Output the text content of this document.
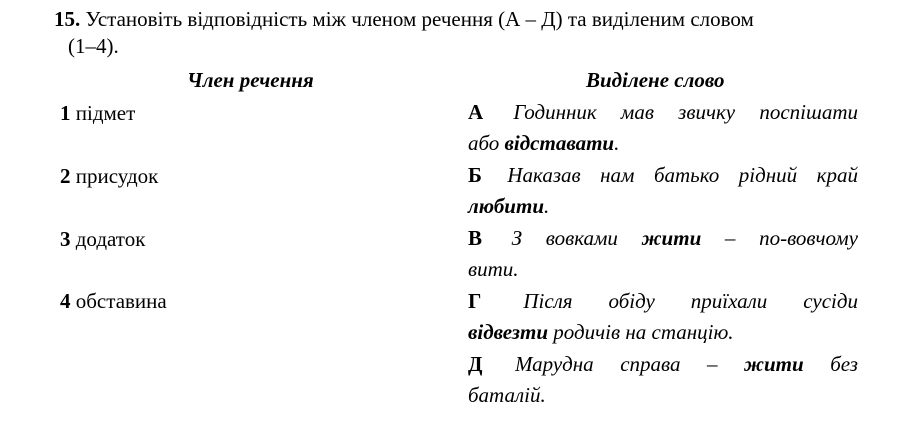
15. Установіть відповідність між членом речення (А – Д) та виділеним словом
(1–4).
Член речення	Виділене слово
1 підмет
2 присудок
3 додаток
4 обставина
А Годинник мав звичку поспішати
або відставати.
Б Наказав нам батько рідний край
любити.
В З вовками жити – по-вовчому
вити.
Г Після обіду приїхали сусіди
відвезти родичів на станцію.
Д Марудна справа – жити без
баталій.
